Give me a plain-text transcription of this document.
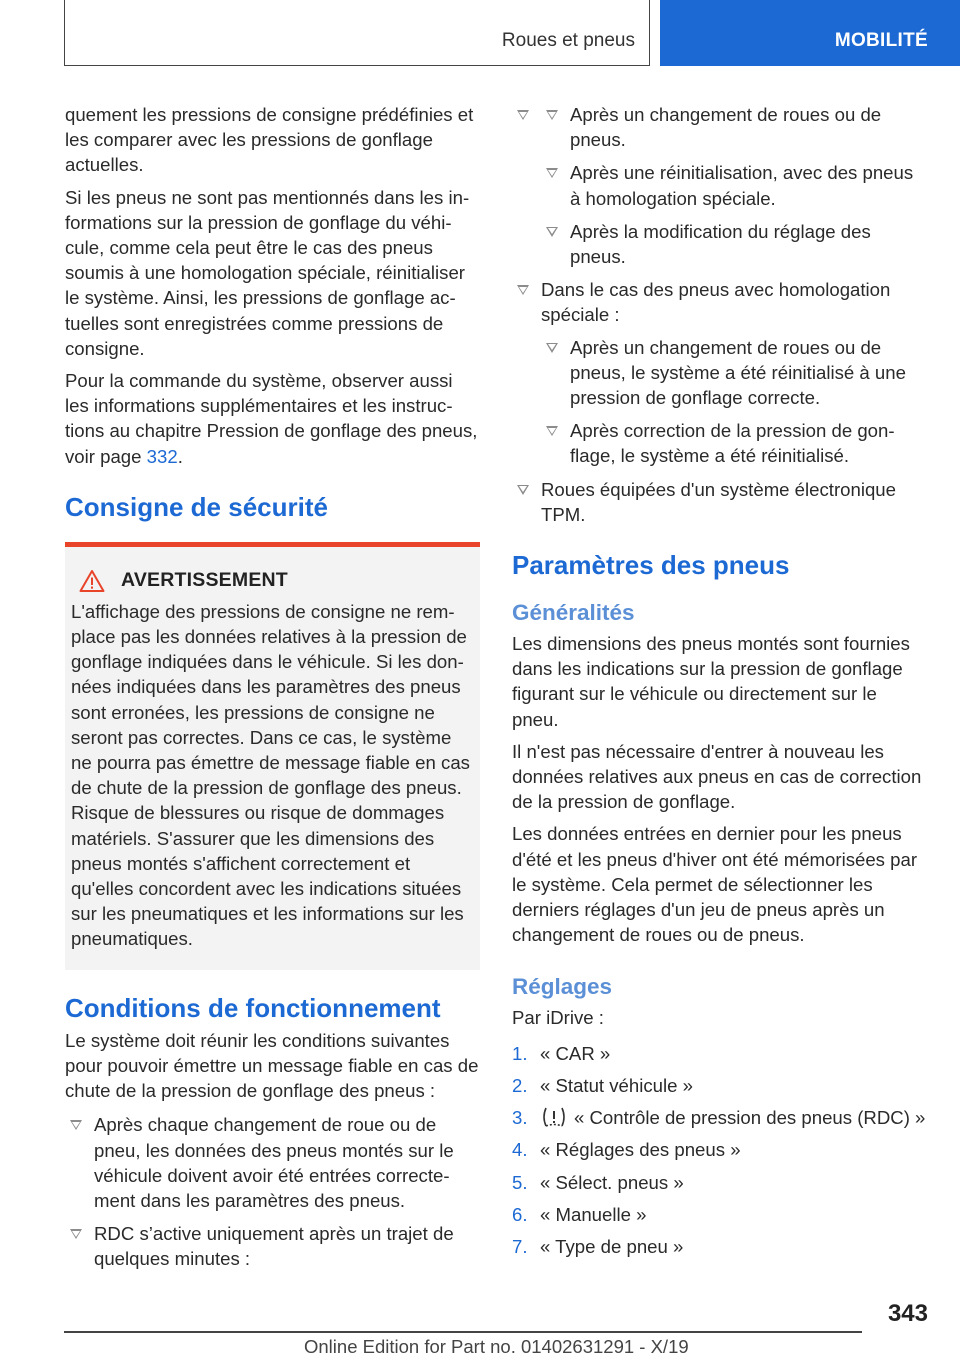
Roues et pneus	MOBILITÉ

quement les pressions de consigne prédéfinies et les comparer avec les pressions de gonflage actuelles.

Si les pneus ne sont pas mentionnés dans les informations sur la pression de gonflage du véhicule, comme cela peut être le cas des pneus soumis à une homologation spéciale, réinitialiser le système. Ainsi, les pressions de gonflage actuelles sont enregistrées comme pressions de consigne.

Pour la commande du système, observer aussi les informations supplémentaires et les instructions au chapitre Pression de gonflage des pneus, voir page 332.

Consigne de sécurité
AVERTISSEMENT

L'affichage des pressions de consigne ne remplace pas les données relatives à la pression de gonflage indiquées dans le véhicule. Si les données indiquées dans les paramètres des pneus sont erronées, les pressions de consigne ne seront pas correctes. Dans ce cas, le système ne pourra pas émettre de message fiable en cas de chute de la pression de gonflage des pneus. Risque de blessures ou risque de dommages matériels. S'assurer que les dimensions des pneus montés s'affichent correctement et qu'elles concordent avec les indications situées sur les pneumatiques et les informations sur les pneumatiques.

Conditions de fonctionnement

Le système doit réunir les conditions suivantes pour pouvoir émettre un message fiable en cas de chute de la pression de gonflage des pneus :

Après chaque changement de roue ou de pneu, les données des pneus montés sur le véhicule doivent avoir été entrées correctement dans les paramètres des pneus.
RDC s’active uniquement après un trajet de quelques minutes :
Après un changement de roues ou de pneus.
Après une réinitialisation, avec des pneus à homologation spéciale.
Après la modification du réglage des pneus.
Dans le cas des pneus avec homologation spéciale :
Après un changement de roues ou de pneus, le système a été réinitialisé à une pression de gonflage correcte.
Après correction de la pression de gonflage, le système a été réinitialisé.
Roues équipées d'un système électronique TPM.
Paramètres des pneus
Généralités

Les dimensions des pneus montés sont fournies dans les indications sur la pression de gonflage figurant sur le véhicule ou directement sur le pneu.

Il n'est pas nécessaire d'entrer à nouveau les données relatives aux pneus en cas de correction de la pression de gonflage.

Les données entrées en dernier pour les pneus d'été et les pneus d'hiver ont été mémorisées par le système. Cela permet de sélectionner les derniers réglages d'un jeu de pneus après un changement de roues ou de pneus.

Réglages

Par iDrive :

1. « CAR »
2. « Statut véhicule »
3.	« Contrôle de pression des pneus (RDC) »
4. « Réglages des pneus »
5. « Sélect. pneus »
6. « Manuelle »
7. « Type de pneu »
343
Online Edition for Part no. 01402631291 - X/19
